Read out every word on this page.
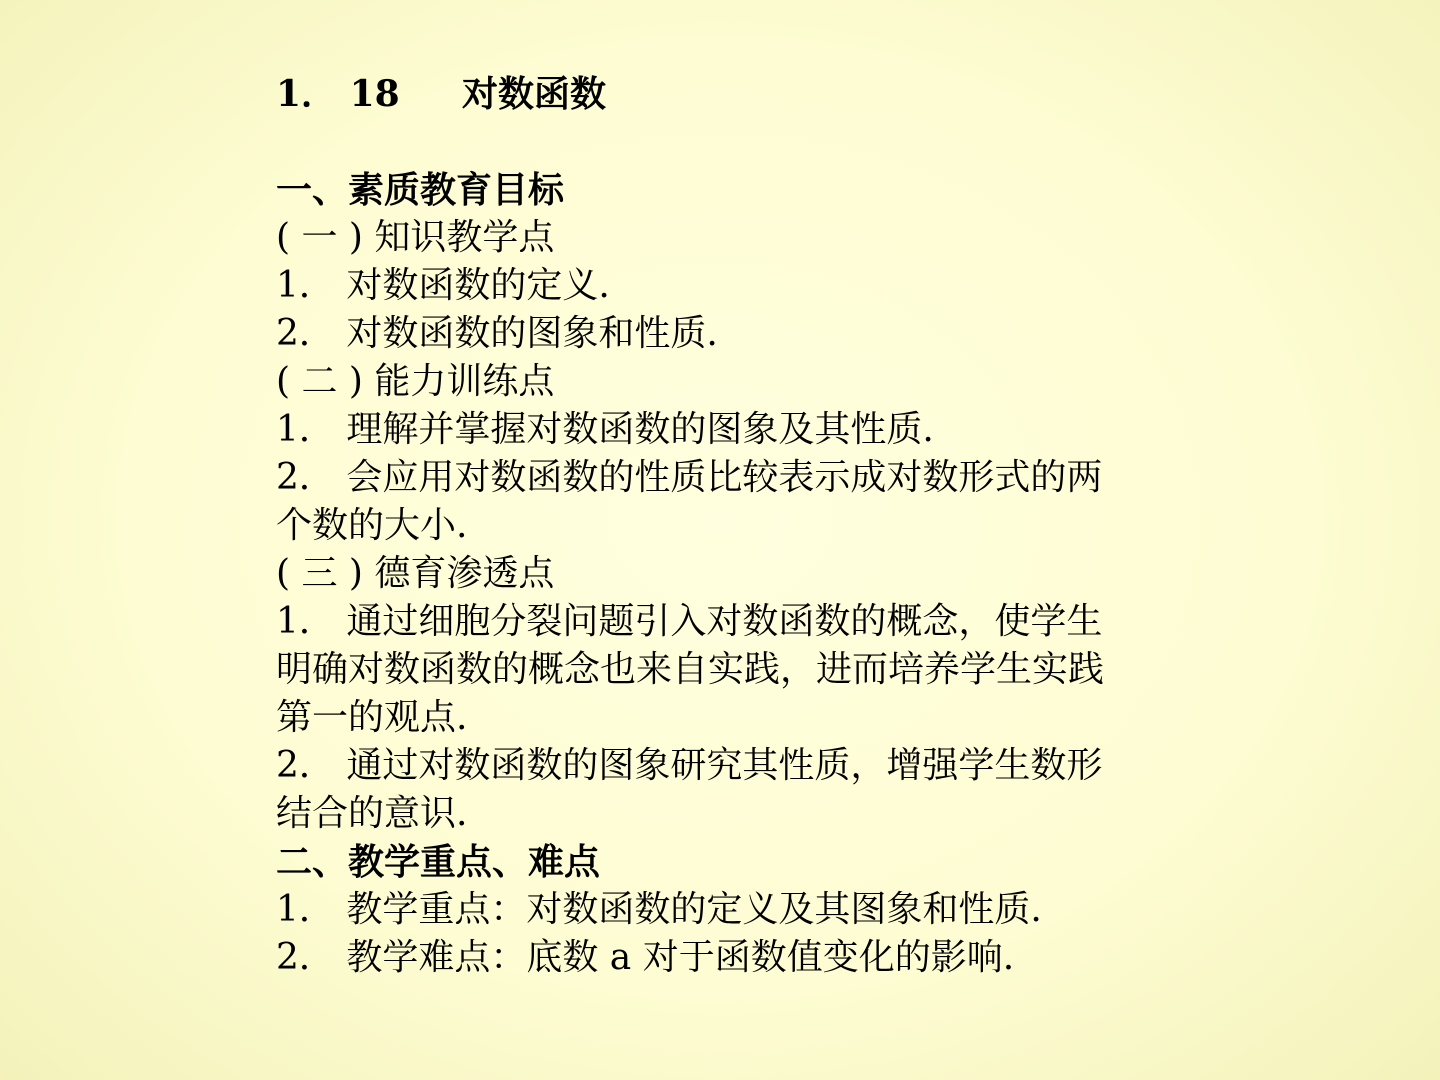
1． 18 对数函数
一、素质教育目标
( 一 ) 知识教学点
1． 对数函数的定义.
2． 对数函数的图象和性质.
( 二 ) 能力训练点
1． 理解并掌握对数函数的图象及其性质.
2． 会应用对数函数的性质比较表示成对数形式的两
个数的大小.
( 三 ) 德育渗透点
1． 通过细胞分裂问题引入对数函数的概念，使学生
明确对数函数的概念也来自实践，进而培养学生实践
第一的观点.
2． 通过对数函数的图象研究其性质，增强学生数形
结合的意识.
二、教学重点、难点
1． 教学重点：对数函数的定义及其图象和性质.
2． 教学难点：底数 a 对于函数值变化的影响.
